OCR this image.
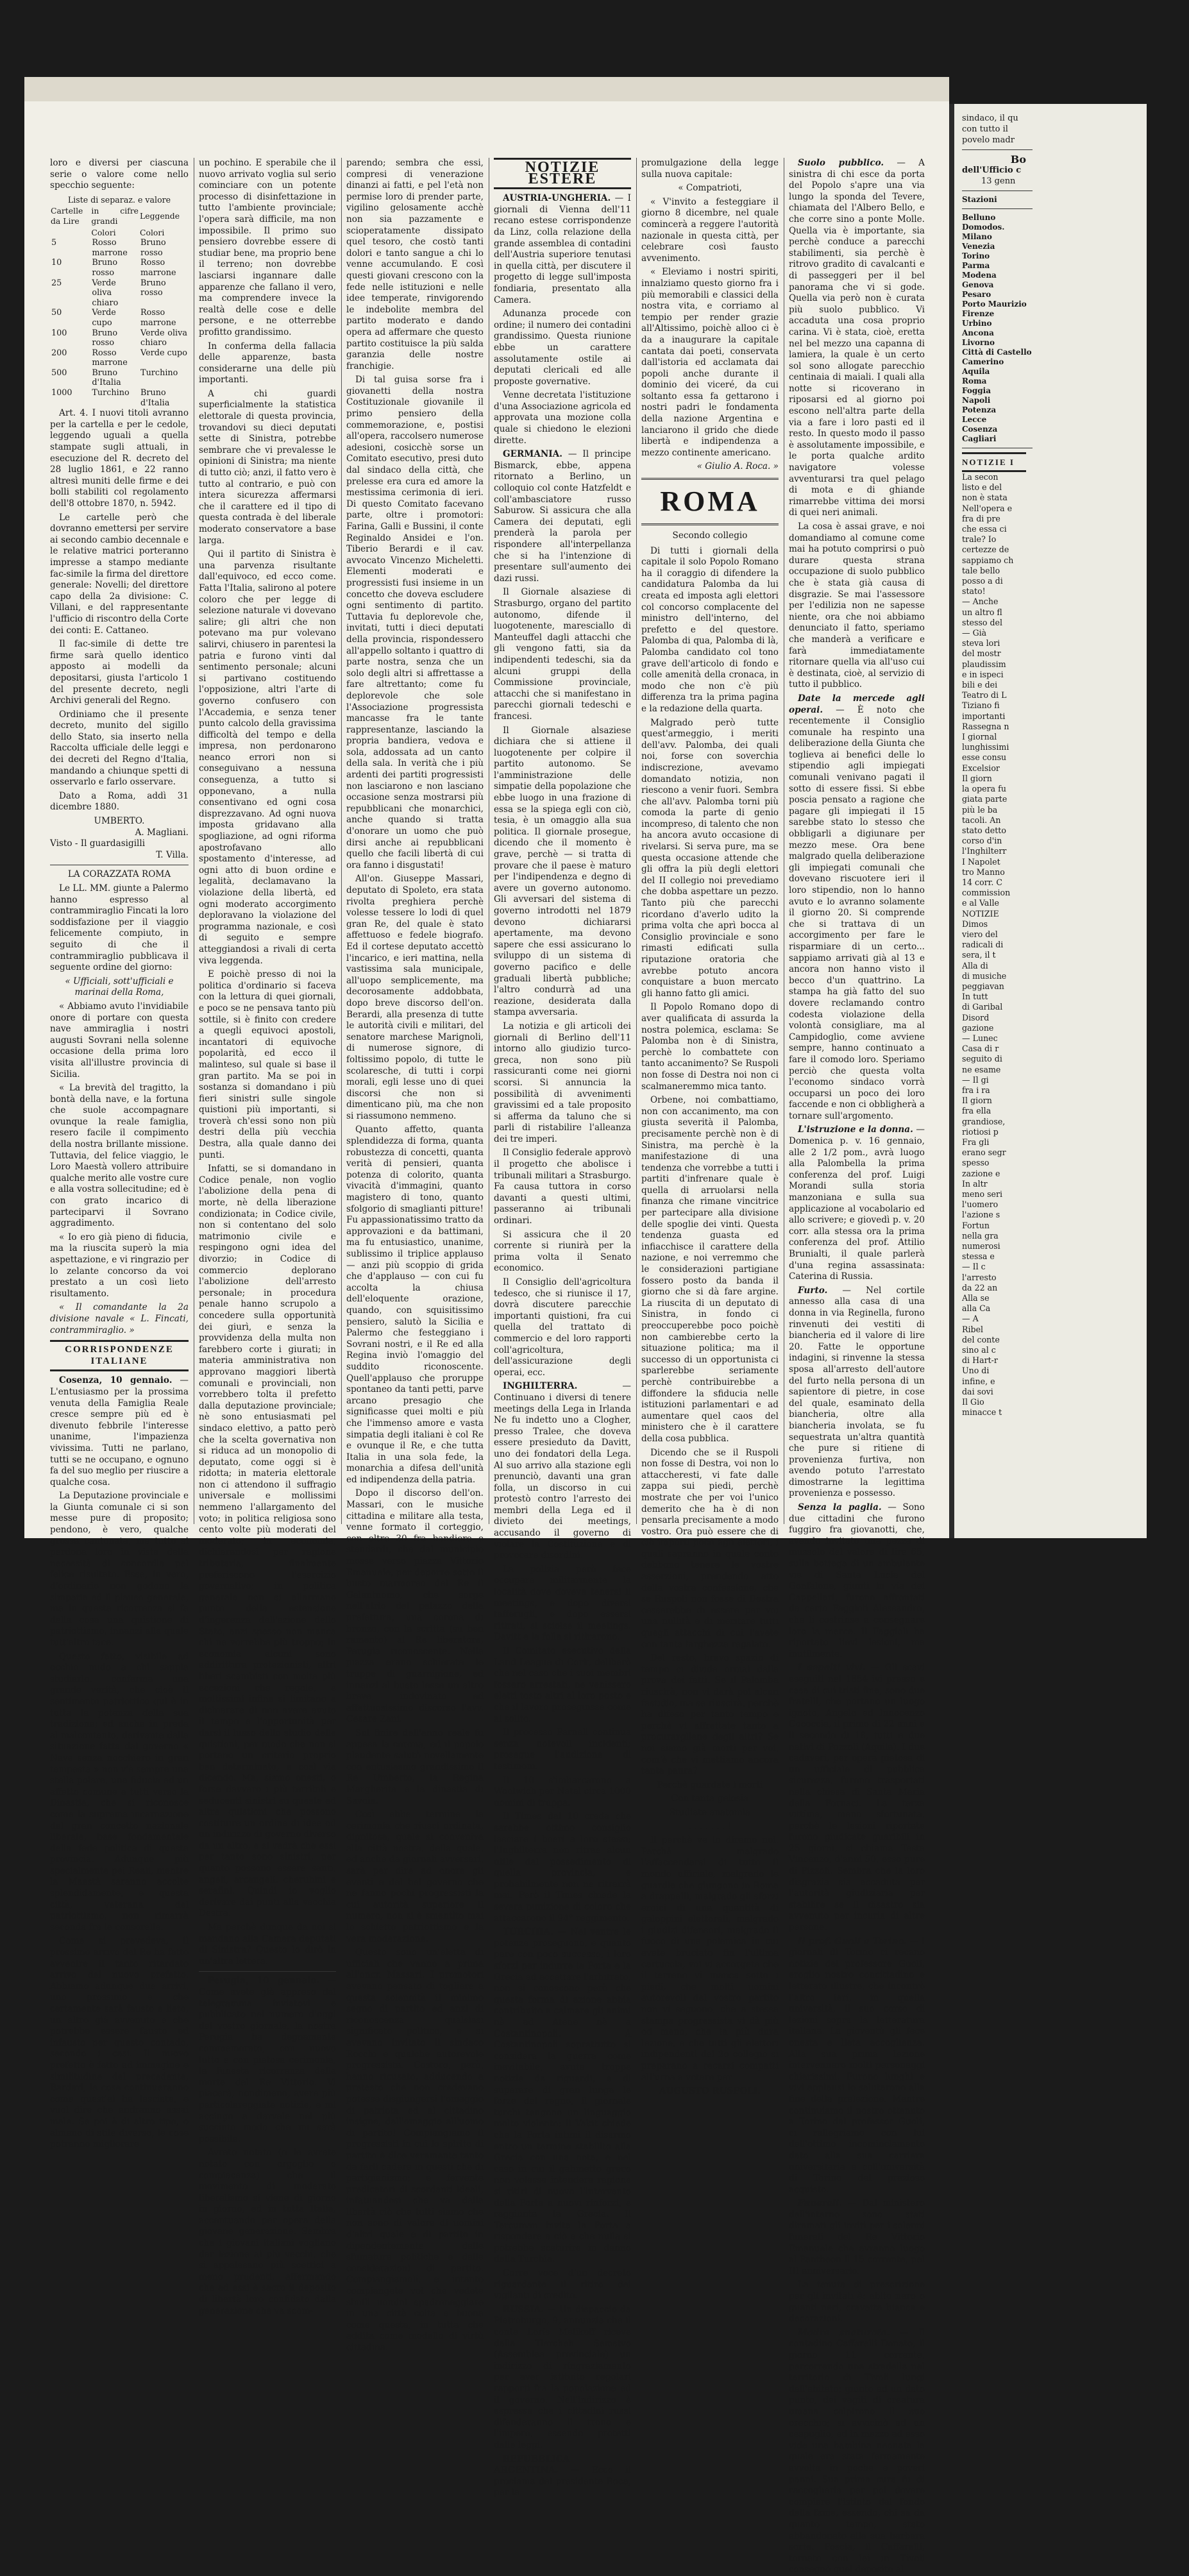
loro e diversi per ciascuna serie o valore come nello specchio seguente:

Liste di separaz. e valore
Cartelle da Lire	in cifre grandi	Leggende
	Colori	Colori
5	Rosso marrone	Bruno rosso
10	Bruno rosso	Rosso marrone
25	Verde oliva chiaro	Bruno rosso
50	Verde cupo	Rosso marrone
100	Bruno rosso	Verde oliva chiaro
200	Rosso marrone	Verde cupo
500	Bruno d'Italia	Turchino
1000	Turchino	Bruno d'Italia

Art. 4. I nuovi titoli avranno per la cartella e per le cedole, leggendo uguali a quella stampate sugli attuali, in esecuzione del R. decreto del 28 luglio 1861, e 22 ranno altresì muniti delle firme e dei bolli stabiliti col regolamento dell'8 ottobre 1870, n. 5942.

Le cartelle però che dovranno emettersi per servire ai secondo cambio decennale e le relative matrici porteranno impresse a stampo mediante fac-simile la firma del direttore generale: Novelli; del direttore capo della 2a divisione: C. Villani, e del rappresentante l'ufficio di riscontro della Corte dei conti: E. Cattaneo.

Il fac-simile di dette tre firme sarà quello identico apposto ai modelli da depositarsi, giusta l'articolo 1 del presente decreto, negli Archivi generali del Regno.

Ordiniamo che il presente decreto, munito del sigillo dello Stato, sia inserto nella Raccolta ufficiale delle leggi e dei decreti del Regno d'Italia, mandando a chiunque spetti di osservarlo e farlo osservare.

Dato a Roma, addì 31 dicembre 1880.

UMBERTO.
A. Magliani.
Visto - Il guardasigilli
T. Villa.
LA CORAZZATA ROMA

Le LL. MM. giunte a Palermo hanno espresso al contrammiraglio Fincati la loro soddisfazione per il viaggio felicemente compiuto, in seguito di che il contrammiraglio pubblicava il seguente ordine del giorno:

« Ufficiali, sott'ufficiali e marinai della Roma,

« Abbiamo avuto l'invidiabile onore di portare con questa nave ammiraglia i nostri augusti Sovrani nella solenne occasione della prima loro visita all'illustre provincia di Sicilia.

« La brevità del tragitto, la bontà della nave, e la fortuna che suole accompagnare ovunque la reale famiglia, resero facile il compimento della nostra brillante missione. Tuttavia, del felice viaggio, le Loro Maestà vollero attribuire qualche merito alle vostre cure e alla vostra sollecitudine; ed è con grato incarico di parteciparvi il Sovrano aggradimento.

« Io ero già pieno di fiducia, ma la riuscita superò la mia aspettazione, e vi ringrazio per lo zelante concorso da voi prestato a un così lieto risultamento.

« Il comandante la 2a divisione navale « L. Fincati, contrammiraglio. »

CORRISPONDENZE ITALIANE

Cosenza, 10 gennaio. — L'entusiasmo per la prossima venuta della Famiglia Reale cresce sempre più ed è divenuto febbrile l'interesse unanime, l'impazienza vivissima. Tutti ne parlano, tutti se ne occupano, e ognuno fa del suo meglio per riuscire a qualche cosa.

La Deputazione provinciale e la Giunta comunale ci si son messe pure di proposito; pendono, è vero, qualche grossa cantonata, ma tutto si perdona loro in vista della necessità di concordia pel felice risultato. Esse, in vero, d'ordinario non godono la simpatia ed il plauso generale, ma in questa ricorrenza si fa della cosa una quistione di patriottismo, innanzi alla quale tutt'altro tace.

Questo fatto, visibile ad occhio nudo a chi sappia studiarlo, conferma una grande verità, che cioè il sentimento patriottico qui è in tutta la potenza della sua tradizione; ed anche in preda al malcontento, derivante dalla situazione fatta dal governo « Nave senza nocchiero in gran tempesta » non v'è sempre una stella polare, una fiducia ed un affetto comune a tutti verso la Dinastia, che si riconosce come la suprema incarnazione del gran concetto nazionale liberale, base fondamentale della fede politica di questa provincia. Adunque più specialmente pei Reali, mentre la Maestà saranno accolte splendidamente, e questa città, veterana del patriottismo, non rimarrà seconda fra le consorelle.

Come si prevedeva, il prossimo arrivo del Re ha fatto avvenire il tanto ritardato arrivo del nuovo prefetto. Abbiamo adunque due arrivi, uno prossimo e che certamente sarà fausto e lieto, un altro già avvenuto e che potrebbe essere fausto ed infausto per questo contado, secondo i casi. Il nuovo prefetto è fatto ad immagine e similitudine del precedente, Bardari, le cose continueranno come quest'ei ha lasciate, e vuol dire che andranno assai male. Se poi è di altro tipo, o almeno di stile diverso, le cose potranno migliorare

un pochino. E sperabile che il nuovo arrivato voglia sul serio cominciare con un potente processo di disinfettazione in tutto l'ambiente provinciale; l'opera sarà difficile, ma non impossibile. Il primo suo pensiero dovrebbe essere di studiar bene, ma proprio bene il terreno; non dovrebbe lasciarsi ingannare dalle apparenze che fallano il vero, ma comprendere invece la realtà delle cose e delle persone, e ne otterrebbe profitto grandissimo.

In conferma della fallacia delle apparenze, basta considerarne una delle più importanti.

A chi guardi superficialmente la statistica elettorale di questa provincia, trovandovi su dieci deputati sette di Sinistra, potrebbe sembrare che vi prevalesse le opinioni di Sinistra; ma niente di tutto ciò; anzi, il fatto vero è tutto al contrario, e può con intera sicurezza affermarsi che il carattere ed il tipo di questa contrada è del liberale moderato conservatore a base larga.

Qui il partito di Sinistra è una parvenza risultante dall'equivoco, ed ecco come. Fatta l'Italia, salirono al potere coloro che per legge di selezione naturale vi dovevano salire; gli altri che non potevano ma pur volevano salirvi, chiusero in parentesi la patria e furono vinti dal sentimento personale; alcuni si partivano costituendo l'opposizione, altri l'arte di governo confusero con l'Accademia, e senza tener punto calcolo della gravissima difficoltà del tempo e della impresa, non perdonarono neanco errori non si conseguivano a nessuna conseguenza, a tutto si opponevano, a nulla consentivano ed ogni cosa disprezzavano. Ad ogni nuova imposta gridavano alla spogliazione, ad ogni riforma apostrofavano allo spostamento d'interesse, ad ogni atto di buon ordine e legalità, declamavano la violazione della libertà, ed ogni moderato accorgimento deploravano la violazione del programma nazionale, e così di seguito e sempre atteggiandosi a rivali di certa viva leggenda.

E poichè presso di noi la politica d'ordinario si faceva con la lettura di quei giornali, e poco se ne pensava tanto più sottile, si è finito con credere a quegli equivoci apostoli, incantatori di equivoche popolarità, ed ecco il malinteso, sul quale si base il gran partito. Ma se poi in sostanza si domandano i più fieri sinistri sulle singole quistioni più importanti, si troverà ch'essi sono non più destri della più vecchia Destra, alla quale danno dei punti.

Infatti, se si domandano in Codice penale, non voglio l'abolizione della pena di morte, nè della liberazione condizionata; in Codice civile, non si contentano del solo matrimonio civile e respingono ogni idea del divorzio; in Codice di commercio deplorano l'abolizione dell'arresto personale; in procedura penale hanno scrupolo a concedere sulla opportunità dei giurì, e senza la provvidenza della multa non farebbero corte i giurati; in materia amministrativa non approvano maggiori libertà comunali e provinciali, non vorrebbero tolta il prefetto dalla deputazione provinciale; nè sono entusiasmati pel sindaco elettivo, a patto però che la scelta governativa non si riduca ad un monopolio di deputato, come oggi si è ridotta; in materia elettorale non ci attendono il suffragio universale e mollissimi nemmeno l'allargamento del voto; in politica religiosa sono cento volte più moderati del moderato; in economia, dichiarandosi per ragione tributaria, finalmente preferiscono l'esercizio governativo; in politica generale non si allarmano punto della estensione d'ingerenza dell'azione dello Stato, anzi spesso non manca chi ne vorrebbe più troppo; in economia alcuni sono addirittura protezionisti, altri liberi scambisti con molte più eccezioni che regole, e moltissimi infine si limitano a dichiarare di non avere avuto il tempo e l'opportunità per darsi il lusso dello studio delle quistioni, per modo che non si portano un criterio proprio ben determinato, e così via dicendo. Ma, siamo onesti, o forse davvero i più terribili e seducenti sinistri su queste ed altre quistioni che possono costituire un ordine di idee od un indirizzo di governo diverso da un altro, e si vedrà che essi per tanto sono sinistri, per quanto possono essere santi, angeli, arcangeli, cherubini e serafini. Quindi io voglio derivare dai punti alla vecchia Destra.

Ma perchè dunque da noi si mandano alla Camera deputati di Sinistra? Questo lo dirò in un'altra lettera.

Perugia, 10 gennaio. — Come avete già appreso dal telegramma inviatovi e pubblicato nel numero d'oggi del vostro giornale, la nostra Perugia ha degnamente commemorato, con nuovo lutto e con pietosa cerimonia, la funesta ricorrenza della morte del Re Vittorio. Vi piacerà, nondimeno, avere più particolareggiate notizie, e mi accingo a darvele nel più succinto modo che mi sarà possibile.

Avreto notato (o le avrete notato con orgoglio o compiacenza) che il movimento di moderato liberalismo si viene di giorno in giorno, ed in tutta Italia, accentuando per opera della giovane generazione. Sembra che i giovani italiani vogliano dar lezione ai più vecchi, che si appalesano più scettici a meno prudenti, affermando che ad essi è sacro il deposito di libertà loro confidato dalla generazione che va scom-

parendo; sembra che essi, compresi di venerazione dinanzi ai fatti, e pel l'età non permise loro di prender parte, vigilino gelosamente acchè non sia pazzamente e scioperatamente dissipato quel tesoro, che costò tanti dolori e tanto sangue a chi lo venne accumulando. E così questi giovani crescono con la fede nelle istituzioni e nelle idee temperate, rinvigorendo le indebolite membra del partito moderato e dando opera ad affermare che questo partito costituisce la più salda garanzia delle nostre franchigie.

Di tal guisa sorse fra i giovanetti della nostra Costituzionale giovanile il primo pensiero della commemorazione, e, postisi all'opera, raccolsero numerose adesioni, cosicchè sorse un Comitato esecutivo, presi duto dal sindaco della città, che prelesse era cura ed amore la mestissima cerimonia di ieri. Di questo Comitato facevano parte, oltre i promotori: Farina, Galli e Bussini, il conte Reginaldo Ansidei e l'on. Tiberio Berardi e il cav. avvocato Vincenzo Micheletti. Elementi moderati e progressisti fusi insieme in un concetto che doveva escludere ogni sentimento di partito. Tuttavia fu deplorevole che, invitati, tutti i dieci deputati della provincia, rispondessero all'appello soltanto i quattro di parte nostra, senza che un solo degli altri si affrettasse a fare altrettanto; come fu deplorevole che sole l'Associazione progressista mancasse fra le tante rappresentanze, lasciando la propria bandiera, vedova e sola, addossata ad un canto della sala. In verità che i più ardenti dei partiti progressisti non lasciarono e non lasciano occasione senza mostrarsi più repubblicani che monarchici, anche quando si tratta d'onorare un uomo che può dirsi anche ai repubblicani quello che facili libertà di cui ora fanno i disgustati!

All'on. Giuseppe Massari, deputato di Spoleto, era stata rivolta preghiera perchè volesse tessere lo lodi di quel gran Re, del quale è stato affettuoso e fedele biografo. Ed il cortese deputato accettò l'incarico, e ieri mattina, nella vastissima sala municipale, all'uopo semplicemente, ma decorosamente addobbata, dopo breve discorso dell'on. Berardi, alla presenza di tutte le autorità civili e militari, del senatore marchese Marignoli, di numerose signore, di foltissimo popolo, di tutte le scolaresche, di tutti i corpi morali, egli lesse uno di quei discorsi che non si dimenticano più, ma che non si riassumono nemmeno.

Quanto affetto, quanta splendidezza di forma, quanta robustezza di concetti, quanta verità di pensieri, quanta potenza di colorito, quanta vivacità d'immagini, quanto magistero di tono, quanto sfolgorio di smaglianti pitture! Fu appassionatissimo tratto da approvazioni e da battimani, ma fu entusiastico, unanime, sublissimo il triplice applauso — anzi più scoppio di grida che d'applauso — con cui fu accolta la chiusa dell'eloquente orazione, quando, con squisitissimo pensiero, salutò la Sicilia e Palermo che festeggiano i Sovrani nostri, e il Re ed alla Regina inviò l'omaggio del suddito riconoscente. Quell'applauso che proruppe spontaneo da tanti petti, parve arcano presagio che significasse quei molti e più che l'immenso amore e vasta simpatia degli italiani è col Re e ovunque il Re, e che tutta Italia in una sola fede, la monarchia a difesa dell'unità ed indipendenza della patria.

Dopo il discorso dell'on. Massari, con le musiche cittadina e militare alla testa, venne formato il corteggio, con oltre 30 fra bandiere e stendardi, che dal municipio mosse verso piazza Vittorio Emanuele, per deporre sotto il busto marmoreo del Re il Galantuomo, che sorge nell'atrio del palazzo della prefettura, una corona di bronzo, con la scritta (su ben ramento) al Re liberatore, Perugia riconoscente. Nella piazza erano schierate le truppe di guarnigione, ed innanzi al busto lesse un altro breve, indovinato ed affettuosissimo discorso l'avv. Cesare Zani.

Sul finire dell'anno reale fu appesa la corona, ed il popolo plaudente salutò novellamente con entusiasmo grandissimo il Re Umberto, la Regina Margherita e la dinastia di Savoia.

Così ebbe termine la cerimonia che riusci ordinata, dignitosa, quale si conveniva alla città nostra, della quale, ed anche da giornali avversari, sarà per dire ad onore gli eventi e del bel governo che ne fanno pochi progressisti la cui autorità superiore il numero, non si è smentito mai lo schietto patriottismo e la vera moderazione.

Questo sono un'eletta di ufficiali che vanno a prima all'oncr. Massari. I promotori avevano pensato di togliere a questa solennità il minimo segno di partito ed anzi di riconoscenza qualsiasi significato politico, e si avevano invitato il sindaco Rocchi e qualche autorevole progressista. Costoro, però, hanno ricusato, adducendo a pretesto che non credevano potesse disgiungersi l'omaggio di patriota ed al cittadino insigne, dall'omaggio all'uomo di partito! Compiangiamo il progressisti in cui lo spirito di partito è dice veramente tanto da farli cadere in questi che di partigianismo; e fervente predicatori di scordanti ideali, infatuandosi che va dalla libertà ciò che tutti siamo che non sono di valore di uomini d'altri quale e di partito in dipendentemente dalle sfumature politiche e dalle considerazioni di partito. Compiangiamoli, e intanto compiangete voi che vedete simili uomini spadroneggiare in una città colta e buona come questa, in tutta che addita come modello di virtù cittadina.

NOTIZIE ESTERE

AUSTRIA-UNGHERIA. — I giornali di Vienna dell'11 recano estese corrispondenze da Linz, colla relazione della grande assemblea di contadini dell'Austria superiore tenutasi in quella città, per discutere il progetto di legge sull'imposta fondiaria, presentato alla Camera.

Adunanza procede con ordine; il numero dei contadini grandissimo. Questa riunione ebbe un carattere assolutamente ostile ai deputati clericali ed alle proposte governative.

Venne decretata l'istituzione d'una Associazione agricola ed approvata una mozione colla quale si chiedono le elezioni dirette.

GERMANIA. — Il principe Bismarck, ebbe, appena ritornato a Berlino, un colloquio col conte Hatzfeldt e coll'ambasciatore russo Saburow. Si assicura che alla Camera dei deputati, egli prenderà la parola per rispondere all'interpellanza che si ha l'intenzione di presentare sull'aumento dei dazi russi.

Il Giornale alsaziese di Strasburgo, organo del partito autonomo, difende il luogotenente, maresciallo di Manteuffel dagli attacchi che gli vengono fatti, sia da indipendenti tedeschi, sia da alcuni gruppi della Commissione provinciale, attacchi che si manifestano in parecchi giornali tedeschi e francesi.

Il Giornale alsaziese dichiara che si attiene il luogotenente per colpire il partito autonomo. Se l'amministrazione delle simpatie della popolazione che ebbe luogo in una frazione di essa se la spiega egli con ciò, tesia, è un omaggio alla sua politica. Il giornale prosegue, dicendo che il momento è grave, perchè — si tratta di provare che il paese è maturo per l'indipendenza e degno di avere un governo autonomo. Gli avversari del sistema di governo introdotti nel 1879 devono dichiararsi apertamente, ma devono sapere che essi assicurano lo sviluppo di un sistema di governo pacifico e delle graduali libertà pubbliche; l'altro condurrà ad una reazione, desiderata dalla stampa avversaria.

La notizia e gli articoli dei giornali di Berlino dell'11 intorno allo giudizio turco-greca, non sono più rassicuranti come nei giorni scorsi. Si annuncia la possibilità di avvenimenti gravissimi ed a tale proposito si afferma da taluno che si parli di ristabilire l'alleanza dei tre imperi.

Il Consiglio federale approvò il progetto che abolisce i tribunali militari a Strasburgo. Fa causa tuttora in corso davanti a questi ultimi, passeranno ai tribunali ordinari.

Si assicura che il 20 corrente si riunirà per la prima volta il Senato economico.

Il Consiglio dell'agricoltura tedesco, che si riunisce il 17, dovrà discutere parecchie importanti quistioni, fra cui quella del trattato di commercio e del loro rapporti coll'agricoltura, dell'assicurazione degli operai, ecc.

INGHILTERRA. — Continuano i diversi di tenere meetings della Lega in Irlanda Ne fu indetto uno a Clogher, presso Tralee, che doveva essere presieduto da Davitt, uno dei fondatori della Lega. Al suo arrivo alla stazione egli prenunciò, davanti una gran folla, un discorso in cui protestò contro l'arresto dei membri della Lega ed il divieto dei meetings, accusando il governo di violare la Costituzione e di provocare disordini.

La polizia però fece occupare militarmente la località dove doveva tenersi il meetings, e dopo diversi tafferugli, e dopo essersi ritirati, si sciolse il meetings. Davitt e la folla si ritirarono.

Il Comitato esecutivo della Land League di Cork, deliberò che nel caso che i suoi membri fossero arrestati, ne venissero eletti tosto altri al loro posto e che il lavoro proseguisse come al solito.

Il processo Parnell continua senza notevoli incidenti; prosegue l'audizione di testimoni.

Il 10 s'imbarcarono a Woolwich per Natal circa 1000 uomini di truppa.

Il Times dal 10 creda che sarebbe ottimo consiglio lasciare i boeri a loro stessi; l'Inghilterra non ritrae alcun utile dal possedimento di quella provincia, e probabilmente non ne ritrarrà mai. Però il Times chiede la severa punizione di coloro che attaccarono il 94° reggimento.

TURCHIA. — Nel ventre le potenze proseguono, e quanto pare con poco successo, i loro sforzi per indurre la Porta e la Grecia ad accettare l'arbitrato, non si conoscono però che questa forma di azione abbia contribuito a calmare gli animi nè ad Atene nè a Costantinopoli. A Costantinopoli soprattutto si considera la guerra come inevitabile, avute troppe notizie da riguardi, e di superare di gran lunga le forze del regno, il giornale turchi tengono un linguaggio molto violento; il Vakit chiede che la Porta intimi il disarmo entro un termine stabilito alla Grecia con una nota, e nel caso in cui il gabinetto greco non volesse intendere ragione si ritiri di nuovo l'intervento della Porta a nuovi rinforzi, e raggiunta la Grecia. Il Tercuman invita la Porta a rispondere a ciò e che nulla si potrebbe scaturire in danno della Turchia.

Corre voce d'un decreto riguardante il ritiro dei vigilanti di credito.

RUSSIA. — Un dispaccio da Pietroburgo, 9, annunzia che il conte Loris Melikoff riceve dalla Tiercheh Semstvo (Assemblea provinciale) un indirizzo di ringraziamento per aver istituito regolari rapporti fra la popolazione ed il governo. Nell'indirizzo è espressa che i cittadini russi difenderanno il trono e l'impero, essendo protetti dalle leggi.

REPUBBLICA ARGENTINA. — Ecco il proclama del presidente Roca, per la

promulgazione della legge sulla nuova capitale:

« Compatrioti,

« V'invito a festeggiare il giorno 8 dicembre, nel quale comincerà a reggere l'autorità nazionale in questa città, per celebrare così fausto avvenimento.

« Eleviamo i nostri spiriti, innalziamo questo giorno fra i più memorabili e classici della nostra vita, e corriamo al tempio per render grazie all'Altissimo, poichè alloo ci è da a inaugurare la capitale cantata dai poeti, conservata dall'istoria ed acclamata dai popoli anche durante il dominio dei viceré, da cui soltanto essa fa gettarono i nostri padri le fondamenta della nazione Argentina e lanciarono il grido che diede libertà e indipendenza a mezzo continente americano.

« Giulio A. Roca. »

ROMA
Secondo collegio

Di tutti i giornali della capitale il solo Popolo Romano ha il coraggio di difendere la candidatura Palomba da lui creata ed imposta agli elettori col concorso complacente del ministro dell'interno, del prefetto e del questore. Palomba di qua, Palomba di là, Palomba candidato col tono grave dell'articolo di fondo e colle amenità della cronaca, in modo che non c'è più differenza tra la prima pagina e la redazione della quarta.

Malgrado però tutte quest'armeggio, i meriti dell'avv. Palomba, dei quali noi, forse con soverchia indiscrezione, avevamo domandato notizia, non riescono a venir fuori. Sembra che all'avv. Palomba torni più comoda la parte di genio incompreso, di talento che non ha ancora avuto occasione di rivelarsi. Si serva pure, ma se questa occasione attende che gli offra la più degli elettori del II collegio noi prevediamo che dobba aspettare un pezzo. Tanto più che parecchi ricordano d'averlo udito la prima volta che aprì bocca al Consiglio provinciale e sono rimasti edificati sulla riputazione oratoria che avrebbe potuto ancora conquistare a buon mercato gli hanno fatto gli amici.

Il Popolo Romano dopo di aver qualificata di assurda la nostra polemica, esclama: Se Palomba non è di Sinistra, perchè lo combattete con tanto accanimento? Se Ruspoli non fosse di Destra noi non ci scalmaneremmo mica tanto.

Orbene, noi combattiamo, non con accanimento, ma con giusta severità il Palomba, precisamente perchè non è di Sinistra, ma perchè è la manifestazione di una tendenza che vorrebbe a tutti i partiti d'infrenare quale è quella di arruolarsi nella finanza che rimane vincitrice per partecipare alla divisione delle spoglie dei vinti. Questa tendenza guasta ed infiacchisce il carattere della nazione, e noi verremmo che le considerazioni partigiane fossero posto da banda il giorno che si dà fare argine. La riuscita di un deputato di Sinistra, in fondo ci preoccuperebbe poco poichè non cambierebbe certo la situazione politica; ma il successo di un opportunista ci sparlerebbe seriamente perchè contribuirebbe a diffondere la sfiducia nelle istituzioni parlamentari e ad aumentare quel caos del ministero che è il carattere della cosa pubblica.

Dicendo che se il Ruspoli non fosse di Destra, voi non lo attaccheresti, vi fate dalle zappa sui piedi, perchè mostrate che per voi l'unico demerito che ha è di non pensarla precisamente a modo vostro. Ora può essere che di ciò importi poco agli elettori, i quali sapranno in quale conto debbono tenere le vostre asserzioni, prendendo atto della vostra confessione, che se Ruspoli non fosse di Destra cesserebbe di essere per voi una nullità e di meritare tutti quegli attacchi di cui l'avete con tanta larghezza regalato.

Del resto, brevo spazio di tempo ci divide ormai dalla prova dei fatti. Se il Palomba riuscirà, non vi darà poi alcun fastidio, ma se riuscirà, perchè ha difeso per tanto tempo e perchè vi affrettate tanto a procurargliene degli altri? Se noi siamo già morti per voi, com'è che vi mettiamo ancora tanta paura?

Perchè guardate i morti

Con tanta gelosia

Studiate anatomia

. . . . . . . !

Il perchè ve lo diremo noi. Perchè malgrado l'affaccendarsi di tutto il mondo ufficiale, malgrado le guardie che giungono in Roma a drappelli, malgrado gli sforzi eroici di una quantità di galoppini elettorali, malgrado i giudizi difensori, malgrado il fuoco di una polemica in cui avete bruciato fin l'ultima cartuccia, voi vi accorgete che il terreno vi manca sotto i piedi, che molti uomini autorevoli del vostro partito non vi seguono, che a stessa stampa progressista vi dà più od meno, che la più dura lezione, e che tutti gli elettori indipendenti del 2o collegio si preparano a recarsi compatti all'urna a votare per

AUGUSTO RUSPOLI.

Suolo pubblico. — A sinistra di chi esce da porta del Popolo s'apre una via lungo la sponda del Tevere, chiamata del l'Albero Bello, e che corre sino a ponte Molle. Quella via è importante, sia perchè conduce a parecchi stabilimenti, sia perchè è ritrovo gradito di cavalcanti e di passeggeri per il bel panorama che vi si gode. Quella via però non è curata più suolo pubblico. Vi accaduta una cosa proprio carina. Vi è stata, cioè, eretta nel bel mezzo una capanna di lamiera, la quale è un certo sol sono allogate parecchio centinaia di maiali. I quali alla notte si ricoverano in riposarsi ed al giorno poi escono nell'altra parte della via a fare i loro pasti ed il resto. In questo modo il passo è assolutamente impossibile, e le porta qualche ardito navigatore volesse avventurarsi tra quel pelago di mota e di ghiande rimarrebbe vittima dei morsi di quei neri animali.

La cosa è assai grave, e noi domandiamo al comune come mai ha potuto comprirsi o può durare questa strana occupazione di suolo pubblico che è stata già causa di disgrazie. Se mai l'assessore per l'edilizia non ne sapesse niente, ora che noi abbiamo denunciato il fatto, speriamo che manderà a verificare e farà immediatamente ritornare quella via all'uso cui è destinata, cioè, al servizio di tutto il pubblico.

Date la mercede agli operai. — È noto che recentemente il Consiglio comunale ha respinto una deliberazione della Giunta che toglieva ai benefici delle lo stipendio agli impiegati comunali venivano pagati il sotto di essere fissi. Si ebbe poscia pensato a ragione che pagare gli impiegati il 15 sarebbe stato lo stesso che obbligarli a digiunare per mezzo mese. Ora bene malgrado quella deliberazione gli impiegati comunali che dovevano riscuotere ieri il loro stipendio, non lo hanno avuto e lo avranno solamente il giorno 20. Si comprende che si trattava di un accorgimento per fare le risparmiare di un certo... sappiamo arrivati già al 13 e ancora non hanno visto il becco d'un quattrino. La stampa ha già fatto del suo dovere reclamando contro codesta violazione della volontà consigliare, ma al Campidoglio, come avviene sempre, hanno continuato a fare il comodo loro. Speriamo perciò che questa volta l'economo sindaco vorrà occuparsi un poco dei loro faccende e non ci obbligherà a tornare sull'argomento.

L'istruzione e la donna. — Domenica p. v. 16 gennaio, alle 2 1/2 pom., avrà luogo alla Palombella la prima conferenza del prof. Luigi Morandi sulla storia manzoniana e sulla sua applicazione al vocabolario ed allo scrivere; e giovedì p. v. 20 corr. alla stessa ora la prima conferenza del prof. Attilio Brunialti, il quale parlerà d'una regina assassinata: Caterina di Russia.

Furto. — Nel cortile annesso alla casa di una donna in via Reginella, furono rinvenuti dei vestiti di biancheria ed il valore di lire 20. Fatte le opportune indagini, si rinvenne la stessa sposa all'arresto dell'autore del furto nella persona di un sapientore di pietre, in cose del quale, esaminato della biancheria, oltre alla biancheria involata, se fu sequestrata un'altra quantità che pure si ritiene di provenienza furtiva, non avendo potuto l'arrestato dimostrarne la legittima provenienza e possesso.

Senza la paglia. — Sono due cittadini che furono fuggiro fra giovanotti, che, avendo invitato una pezza di mussolo del valore di lire 65, sulla bottega di un ambulante vie di Santa Lucia del Gonfalone, giunti in via dei Cappellari, furono affrontati da certo Faggioli Alessandro, che li costrinse a consegnare loro la merce. Il Faggioli ha riportato lievi lesioni, ma inutilmente.

I sepolti vivi. — Gli scavi eseguiti nel 1854 ivi presso e casa di cui tristi fine, sono due fratelli, che portano un luogo ignoto, Angelo ed Innocenzo Cococcia, il primo di 22 anni e il secondo di 18, tutti e due nativi di Pozzoli (Aquila). I due cadaveri, per opera pietosa di un ufficiale di pubblica sicurezza, furono trasportati nella chiesa di Santa Maria della Fornaci. La terza vittima, meno sfortunata, perchè le lesioni riportate furono giudicate guaribili in 25 giorni, si chiama Testa Vincenzo, d'anni 50, esso pure di Pizzoli. Sembra che la loro disgrazia sia accaduta per l'autorità giudiziaria per stabilire se il disastro sia avvenuto per incuria di altre persone.

Il prof. Guoli a Torino. — I giornali di Torino ci recano notizie del professore Guoli, eroglio nostro concittadino e letterato illustre, che incontrò l'altro ieri, in quella università, il suo corso di lezioni sopra la letteratura italiana. La gioventù gli fece onesta e lieta accoglienza. Alla sua prima lezione intervennero molti personaggi chiarissimi. Furono lunghi e vivi applausi lo salutarono alla fine della prelezione. Mentre continuiamo il nostro ottenuto a Torino dal professor Guoli, ci rallegriamo con lui dell'ottimo incominciamento dato alla sua carriera universitaria e coll'università di Torino del prezioso acquisto.

Funerali. — Dal ministero dell'interno sono stati diramati gli inviti per i solenni funerali del Re Vittorio Emanuele che avranno luogo al Pantheon il 15 corrente, pel III anniversario.

La tenuta di prescrizione per gli invitati è: abito nero o guanti neri, cravatta bianca e decorazioni.

Madre snaturata. — Il contadino Caffarelli Donato, il giorno 11 corrente, percorrendo una stradella nel territorio di Tivoli lungi dall'abitato; giunto ad un dato punto, dei vagiti di creatura umana colpirono il suo orecchio; si avvicinò ad un cespuglio, ed in mezzo ad esso vide una bambina neonata la quale era stata fermamente avvolta in poche e poveri panni. Sua prima cura fu di raccoglierla per poi dovere compiere l'istinto dal fondo della fame, essendo, chi sa da quanto tempo, stato abbandonato alla sua barbara sorte. Poscia, il Caffarelli, tornato con lei in Tivoli consegnò quel deposito al

sindaco, il qu
con tutto il
povelo madr
Bo
dell'Ufficio c
13 genn
Stazioni
Belluno
Domodos.
Milano
Venezia
Torino
Parma
Modena
Genova
Pesaro
Porto Maurizio
Firenze
Urbino
Ancona
Livorno
Città di Castello
Camerino
Aquila
Roma
Foggia
Napoli
Potenza
Lecce
Cosenza
Cagliari
NOTIZIE I
La secon
listo e del
non è stata
Nell'opera e
fra di pre
che essa ci
trale? Io
certezze de
sappiamo ch
tale bello
posso a di
stato!
— Anche
un altro fl
stesso del
— Già
steva lori
del mostr
plaudissim
e in ispeci
bili e dei
Teatro di L
Tiziano fi
importanti
Rassegna n
I giornal
lunghissimi
esse consu
Excelsior
Il giorn
la opera fu
giata parte
più le ba
tacoli. An
stato detto
corso d'in
l'Inghilterr
I Napolet
tro Manno
14 corr. C
commission
e al Valle
NOTIZIE
Dimos
viero del
radicali di
sera, il t
Alla di
di musiche
peggiavan
In tutt
di Garibal
Disord
gazione
— Lunec
Casa di r
seguito di
ne esame
— Il gi
fra i ra
Il giorn
fra ella
grandiose,
riotiosi p
Fra gli
erano segr
spesso
zazione e
In altr
meno seri
l'uomero
l'azione s
Fortun
nella gra
numerosi
stessa e
— Il c
l'arresto
da 22 an
Alla se
alla Ca
— A
Ribel
del conte
sino al c
di Hart-r
Uno di
infine, e
dai sovi
Il Gio
minacce t
